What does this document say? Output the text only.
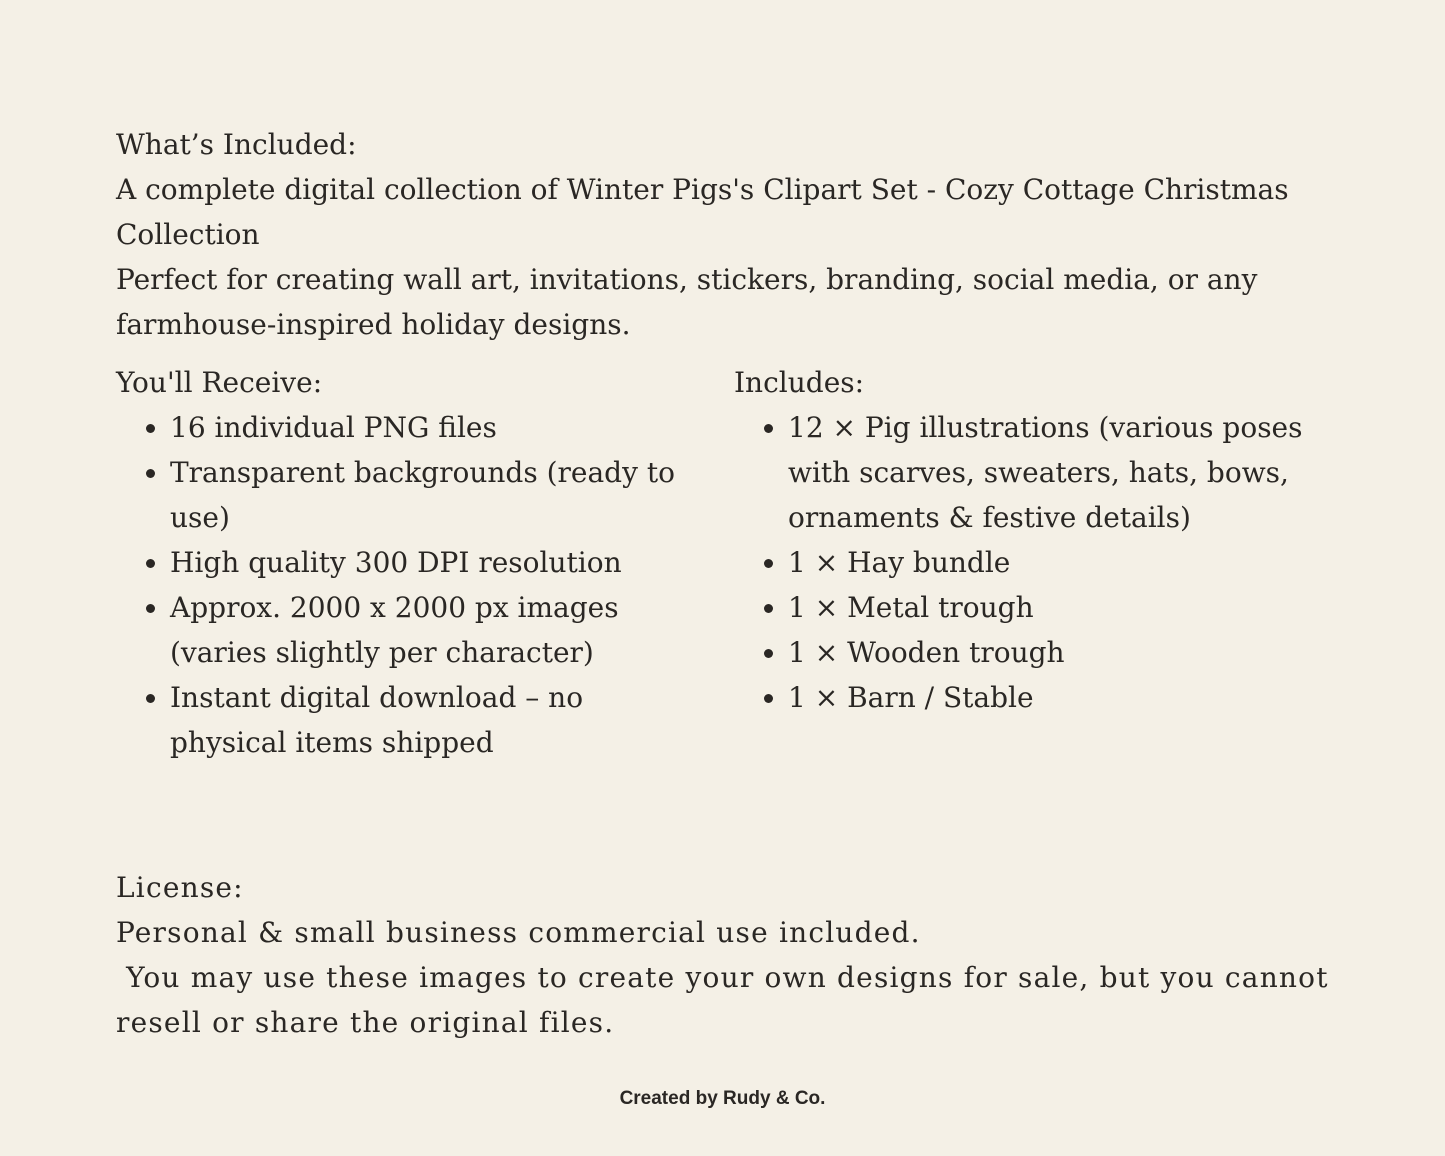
What’s Included:

A complete digital collection of Winter Pigs's Clipart Set - Cozy Cottage Christmas Collection

Perfect for creating wall art, invitations, stickers, branding, social media, or any farmhouse-inspired holiday designs.

You'll Receive:
• 16 individual PNG files
• Transparent backgrounds (ready to use)
• High quality 300 DPI resolution
• Approx. 2000 x 2000 px images (varies slightly per character)
• Instant digital download – no physical items shipped
Includes:
• 12 × Pig illustrations (various poses with scarves, sweaters, hats, bows, ornaments & festive details)
• 1 × Hay bundle
• 1 × Metal trough
• 1 × Wooden trough
• 1 × Barn / Stable

License:

Personal & small business commercial use included.

You may use these images to create your own designs for sale, but you cannot resell or share the original files.

Created by Rudy & Co.
